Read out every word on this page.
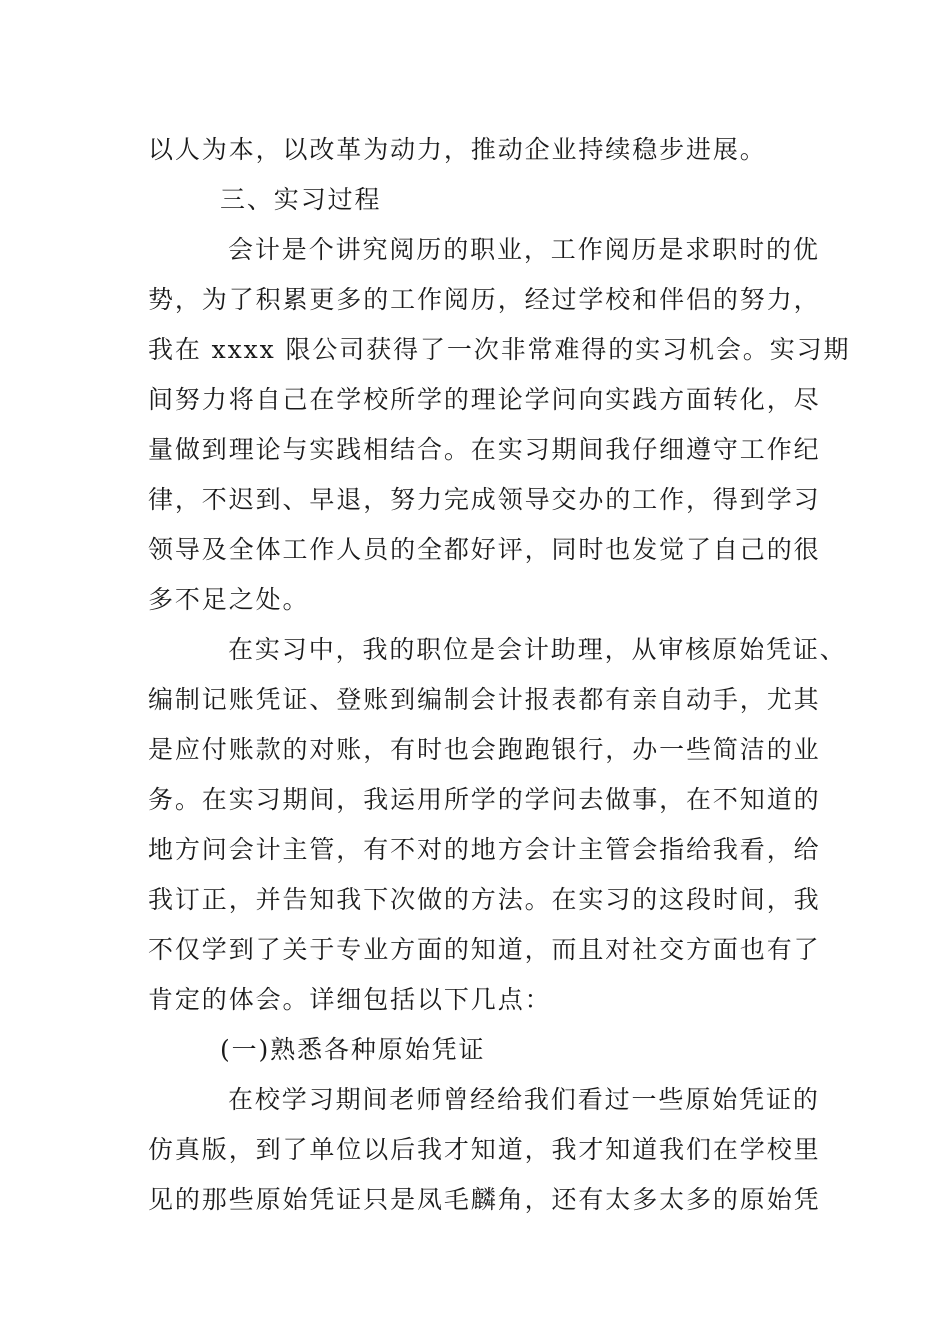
以人为本，以改革为动力，推动企业持续稳步进展。
三、实习过程
会计是个讲究阅历的职业，工作阅历是求职时的优
势，为了积累更多的工作阅历，经过学校和伴侣的努力，
我在 xxxx 限公司获得了一次非常难得的实习机会。实习期
间努力将自己在学校所学的理论学问向实践方面转化，尽
量做到理论与实践相结合。在实习期间我仔细遵守工作纪
律，不迟到、早退，努力完成领导交办的工作，得到学习
领导及全体工作人员的全都好评，同时也发觉了自己的很
多不足之处。
在实习中，我的职位是会计助理，从审核原始凭证、
编制记账凭证、登账到编制会计报表都有亲自动手，尤其
是应付账款的对账，有时也会跑跑银行，办一些简洁的业
务。在实习期间，我运用所学的学问去做事，在不知道的
地方问会计主管，有不对的地方会计主管会指给我看，给
我订正，并告知我下次做的方法。在实习的这段时间，我
不仅学到了关于专业方面的知道，而且对社交方面也有了
肯定的体会。详细包括以下几点：
(一)熟悉各种原始凭证
在校学习期间老师曾经给我们看过一些原始凭证的
仿真版，到了单位以后我才知道，我才知道我们在学校里
见的那些原始凭证只是凤毛麟角，还有太多太多的原始凭
